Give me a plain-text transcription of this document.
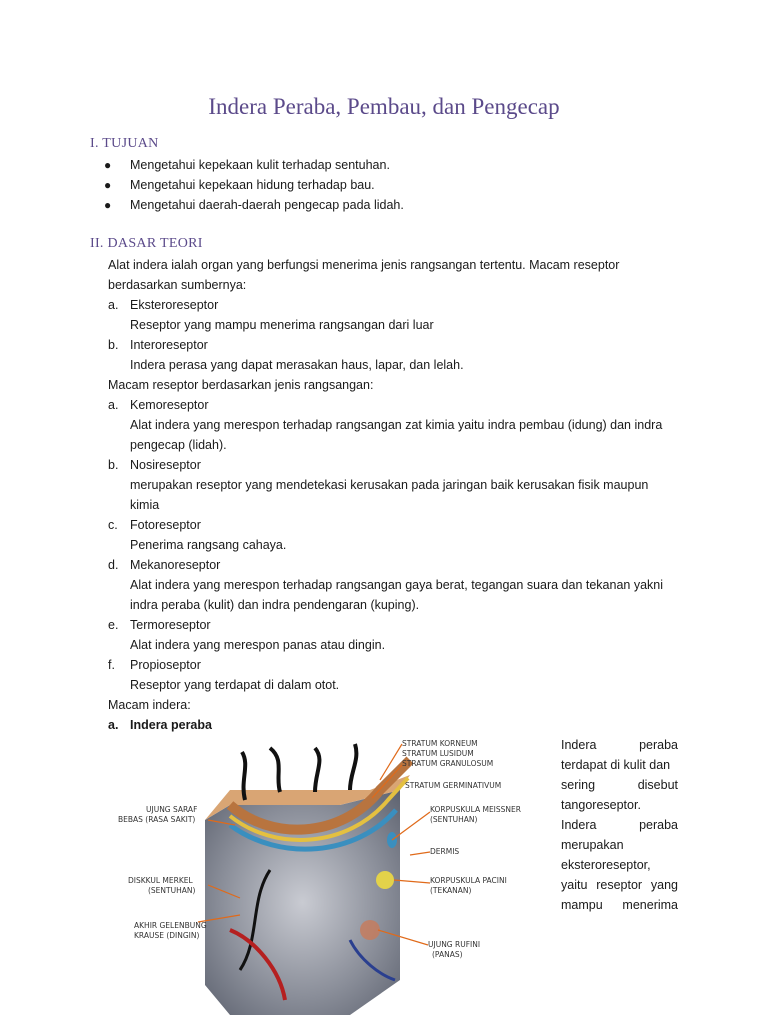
Indera Peraba, Pembau, dan Pengecap
I. TUJUAN
● Mengetahui kepekaan kulit terhadap sentuhan.
● Mengetahui kepekaan hidung terhadap bau.
● Mengetahui daerah-daerah pengecap pada lidah.
II. DASAR TEORI
Alat indera ialah organ yang berfungsi menerima jenis rangsangan tertentu. Macam reseptor
berdasarkan sumbernya:
a. Eksteroreseptor
Reseptor yang mampu menerima rangsangan dari luar
b. Interoreseptor
Indera perasa yang dapat merasakan haus, lapar, dan lelah.
Macam reseptor berdasarkan jenis rangsangan:
a. Kemoreseptor
Alat indera yang merespon terhadap rangsangan zat kimia yaitu indra pembau (idung) dan indra
pengecap (lidah).
b. Nosireseptor
merupakan reseptor yang mendetekasi kerusakan pada jaringan baik kerusakan fisik maupun
kimia
c. Fotoreseptor
Penerima rangsang cahaya.
d. Mekanoreseptor
Alat indera yang merespon terhadap rangsangan gaya berat, tegangan suara dan tekanan yakni
indra peraba (kulit) dan indra pendengaran (kuping).
e. Termoreseptor
Alat indera yang merespon panas atau dingin.
f. Propioseptor
Reseptor yang terdapat di dalam otot.
Macam indera:
a. Indera peraba
Indera peraba
terdapat di kulit dan
sering disebut
tangoreseptor.
Indera peraba
merupakan
eksteroreseptor,
yaitu reseptor yang
mampu menerima
STRATUM KORNEUM
STRATUM LUSIDUM
STRATUM GRANULOSUM
STRATUM GERMINATIVUM
UJUNG SARAF
BEBAS (RASA SAKIT)
KORPUSKULA MEISSNER
(SENTUHAN)
DERMIS
DISKKUL MERKEL
(SENTUHAN)
KORPUSKULA PACINI
(TEKANAN)
AKHIR GELENBUNG
KRAUSE (DINGIN)
UJUNG RUFINI
(PANAS)
